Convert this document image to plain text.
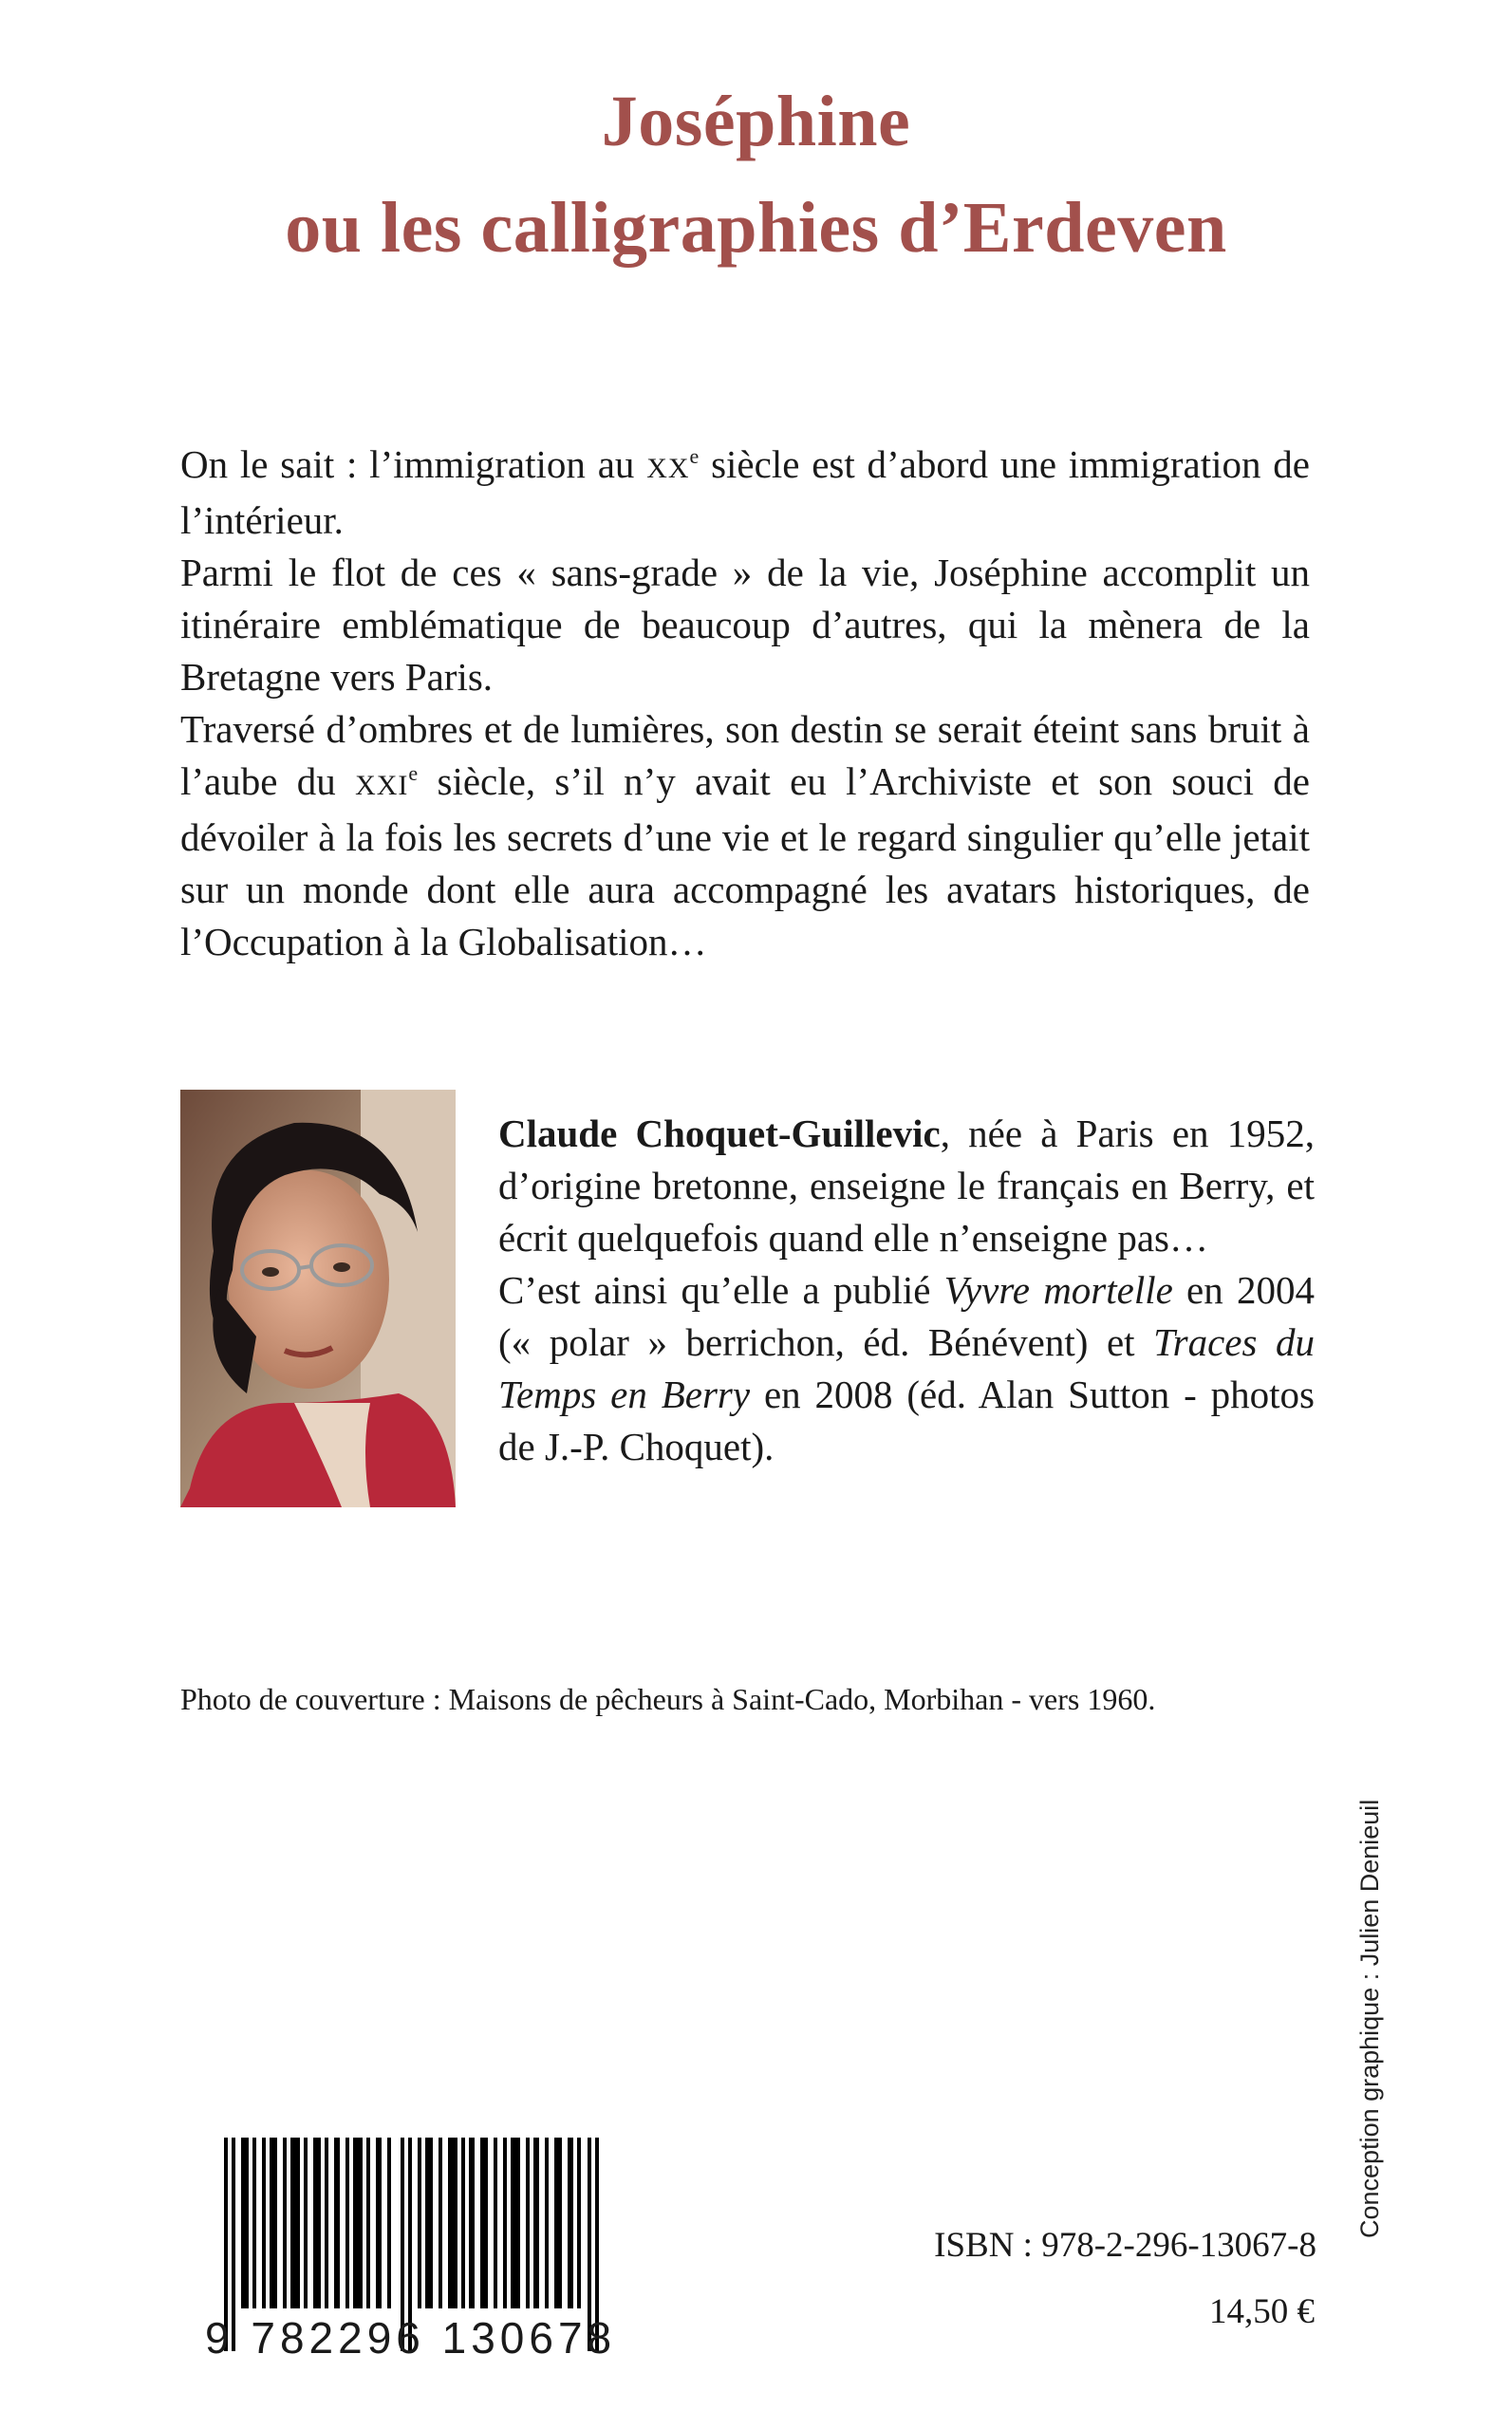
Joséphine
ou les calligraphies d’Erdeven

On le sait : l’immigration au XXe siècle est d’abord une immigration de l’intérieur.

Parmi le flot de ces « sans-grade » de la vie, Joséphine accomplit un itinéraire emblématique de beaucoup d’autres, qui la mènera de la Bretagne vers Paris.

Traversé d’ombres et de lumières, son destin se serait éteint sans bruit à l’aube du XXIe siècle, s’il n’y avait eu l’Archiviste et son souci de dévoiler à la fois les secrets d’une vie et le regard singulier qu’elle jetait sur un monde dont elle aura accompagné les avatars historiques, de l’Occupation à la Globalisation…

Claude Choquet-Guillevic, née à Paris en 1952, d’origine bretonne, enseigne le français en Berry, et écrit quelquefois quand elle n’enseigne pas…

C’est ainsi qu’elle a publié Vyvre mortelle en 2004 (« polar » berrichon, éd. Bénévent) et Traces du Temps en Berry en 2008 (éd. Alan Sutton - photos de J.-P. Choquet).

Photo de couverture : Maisons de pêcheurs à Saint-Cado, Morbihan - vers 1960.
Conception graphique : Julien Denieuil
9 782296 130678
ISBN : 978-2-296-13067-8
14,50 €
